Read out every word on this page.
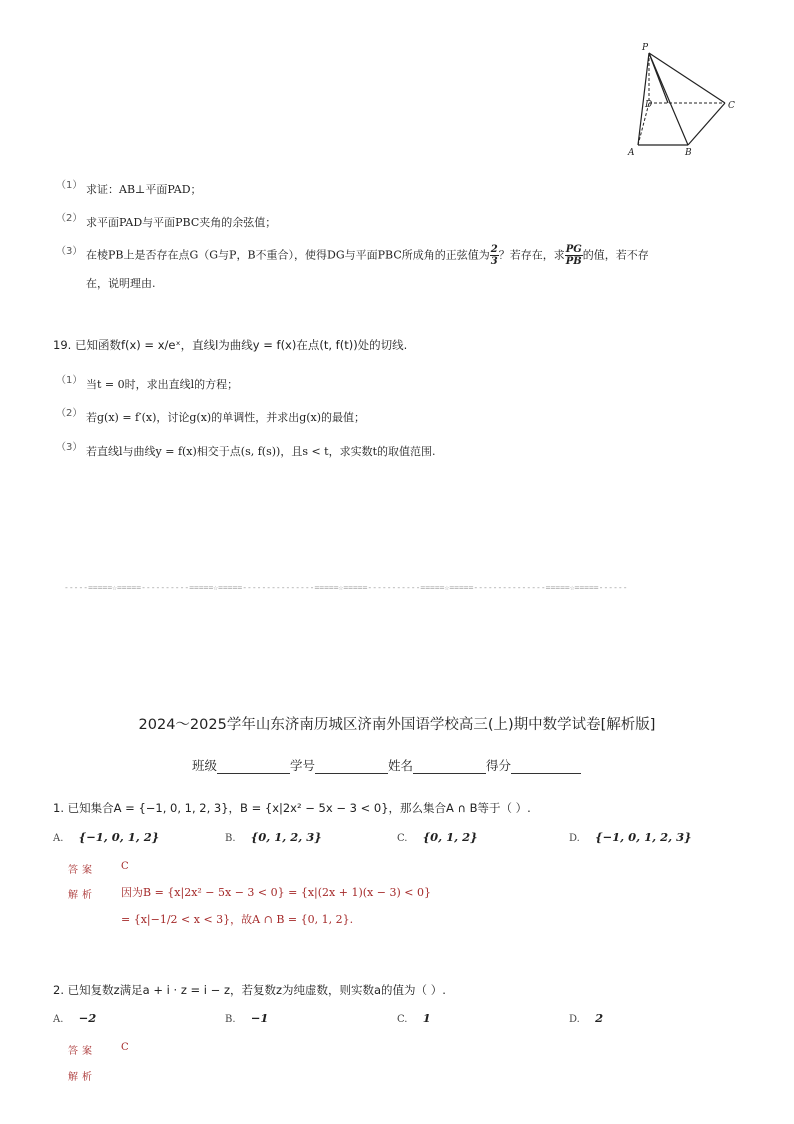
P
D	C
A	B
（1） 求证：AB⊥平面PAD；
（2） 求平面PAD与平面PBC夹角的余弦值；
（3） 在棱PB上是否存在点G（G与P，B不重合），使得DG与平面PBC所成角的正弦值为 $\frac{2}{3}$ ？若存在，求 $\frac{PG}{PB}$ 的值，若不存
在，说明理由.
19. 已知函数f(x) = x/eˣ，直线l为曲线y = f(x)在点(t, f(t))处的切线.
（1） 当t = 0时，求出直线l的方程；
（2） 若g(x) = f′(x)，讨论g(x)的单调性，并求出g(x)的最值；
（3） 若直线l与曲线y = f(x)相交于点(s, f(s))，且s < t，求实数t的取值范围.
-----=====☆=====----------=====☆=====---------------=====☆=====-----------=====☆=====---------------=====☆=====------
2024～2025学年山东济南历城区济南外国语学校高三(上)期中数学试卷[解析版]
班级	学号	姓名	得分
1. 已知集合A = {−1, 0, 1, 2, 3}，B = {x|2x² − 5x − 3 < 0}，那么集合A ∩ B等于（ ）.
A. {−1, 0, 1, 2}	B. {0, 1, 2, 3}	C. {0, 1, 2}	D. {−1, 0, 1, 2, 3}
答案	C
解析 因为B = {x|2x² − 5x − 3 < 0} = {x|(2x + 1)(x − 3) < 0}
= {x|−1/2 < x < 3}，故A ∩ B = {0, 1, 2}.
2. 已知复数z满足a + i · z = i − z，若复数z为纯虚数，则实数a的值为（ ）.
A. −2	B. −1	C. 1	D. 2
答案	C
解析
